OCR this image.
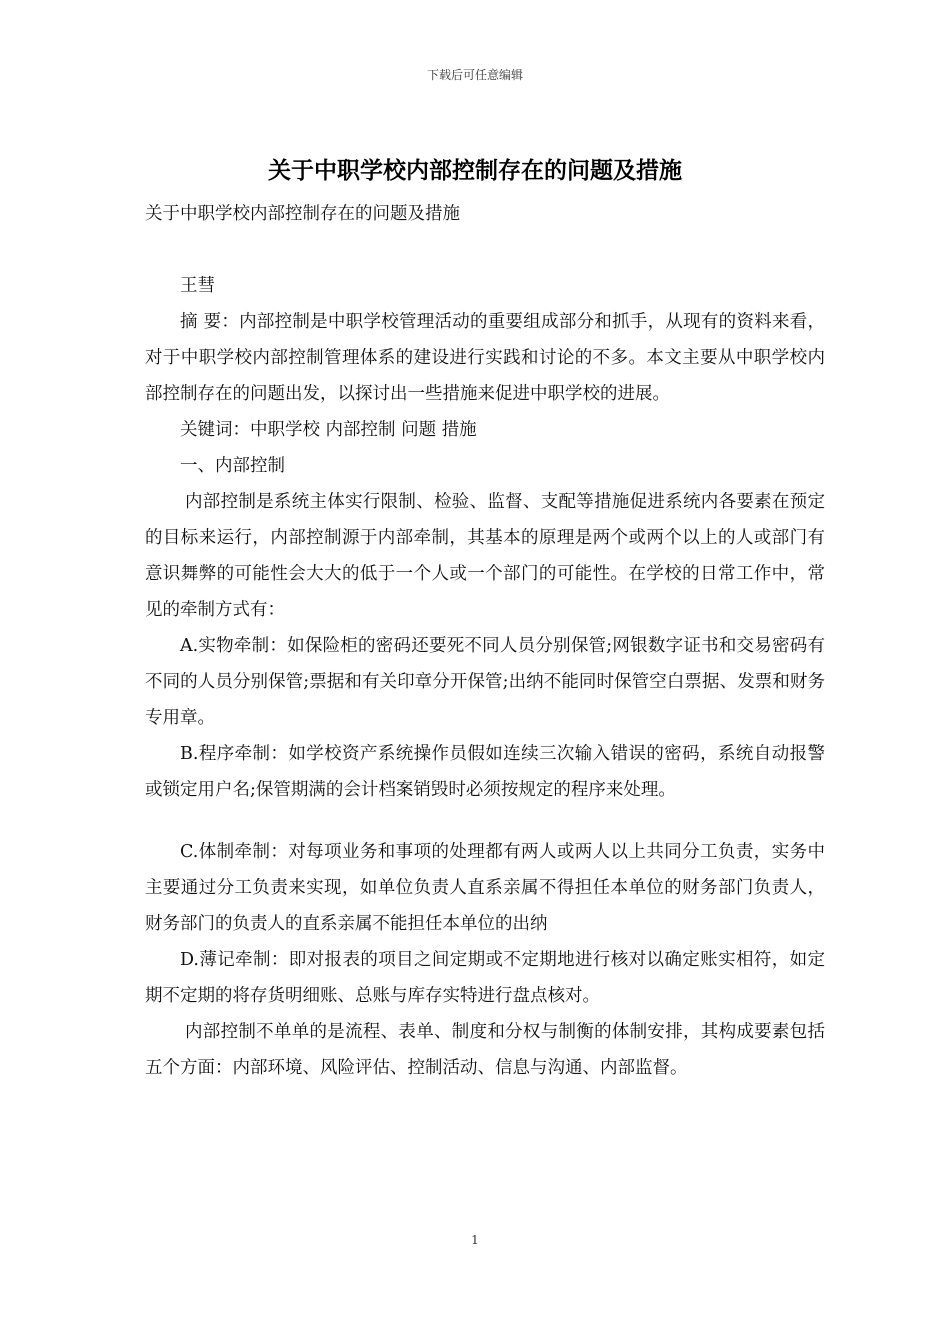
下载后可任意编辑
关于中职学校内部控制存在的问题及措施

关于中职学校内部控制存在的问题及措施

王彗

摘 要：内部控制是中职学校管理活动的重要组成部分和抓手，从现有的资料来看，对于中职学校内部控制管理体系的建设进行实践和讨论的不多。本文主要从中职学校内部控制存在的问题出发，以探讨出一些措施来促进中职学校的进展。

关键词：中职学校 内部控制 问题 措施

一、内部控制

内部控制是系统主体实行限制、检验、监督、支配等措施促进系统内各要素在预定的目标来运行，内部控制源于内部牵制，其基本的原理是两个或两个以上的人或部门有意识舞弊的可能性会大大的低于一个人或一个部门的可能性。在学校的日常工作中，常见的牵制方式有：

A.实物牵制：如保险柜的密码还要死不同人员分别保管;网银数字证书和交易密码有不同的人员分别保管;票据和有关印章分开保管;出纳不能同时保管空白票据、发票和财务专用章。

B.程序牵制：如学校资产系统操作员假如连续三次输入错误的密码，系统自动报警或锁定用户名;保管期满的会计档案销毁时必须按规定的程序来处理。

C.体制牵制：对每项业务和事项的处理都有两人或两人以上共同分工负责，实务中主要通过分工负责来实现，如单位负责人直系亲属不得担任本单位的财务部门负责人，财务部门的负责人的直系亲属不能担任本单位的出纳

D.薄记牵制：即对报表的项目之间定期或不定期地进行核对以确定账实相符，如定期不定期的将存货明细账、总账与库存实特进行盘点核对。

内部控制不单单的是流程、表单、制度和分权与制衡的体制安排，其构成要素包括五个方面：内部环境、风险评估、控制活动、信息与沟通、内部监督。

1
